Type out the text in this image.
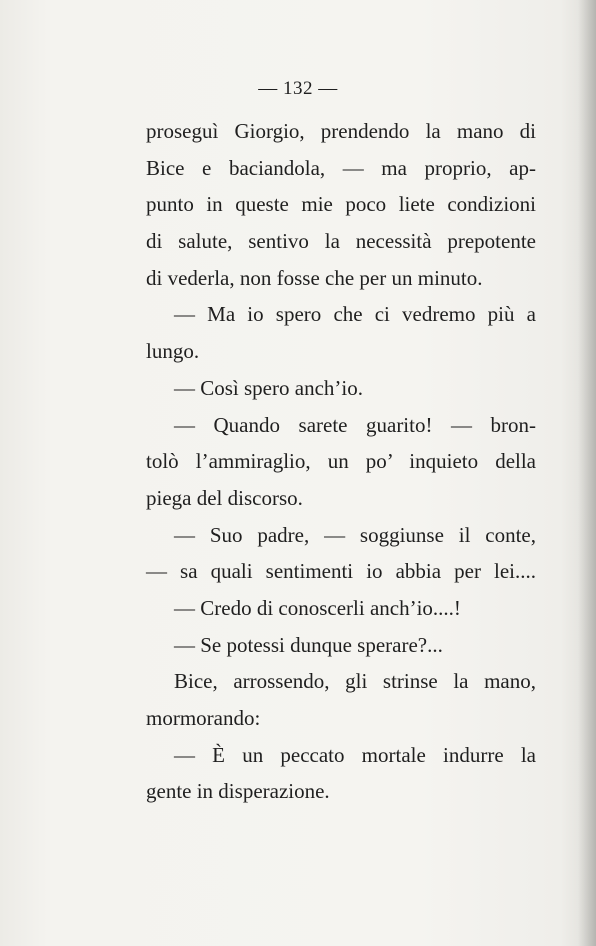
— 132 —
proseguì Giorgio, prendendo la mano di
Bice e baciandola, — ma proprio, ap-
punto in queste mie poco liete condizioni
di salute, sentivo la necessità prepotente
di vederla, non fosse che per un minuto.
— Ma io spero che ci vedremo più a
lungo.
— Così spero anch’io.
— Quando sarete guarito! — bron-
tolò l’ammiraglio, un po’ inquieto della
piega del discorso.
— Suo padre, — soggiunse il conte,
— sa quali sentimenti io abbia per lei....
— Credo di conoscerli anch’io....!
— Se potessi dunque sperare?...
Bice, arrossendo, gli strinse la mano,
mormorando:
— È un peccato mortale indurre la
gente in disperazione.
